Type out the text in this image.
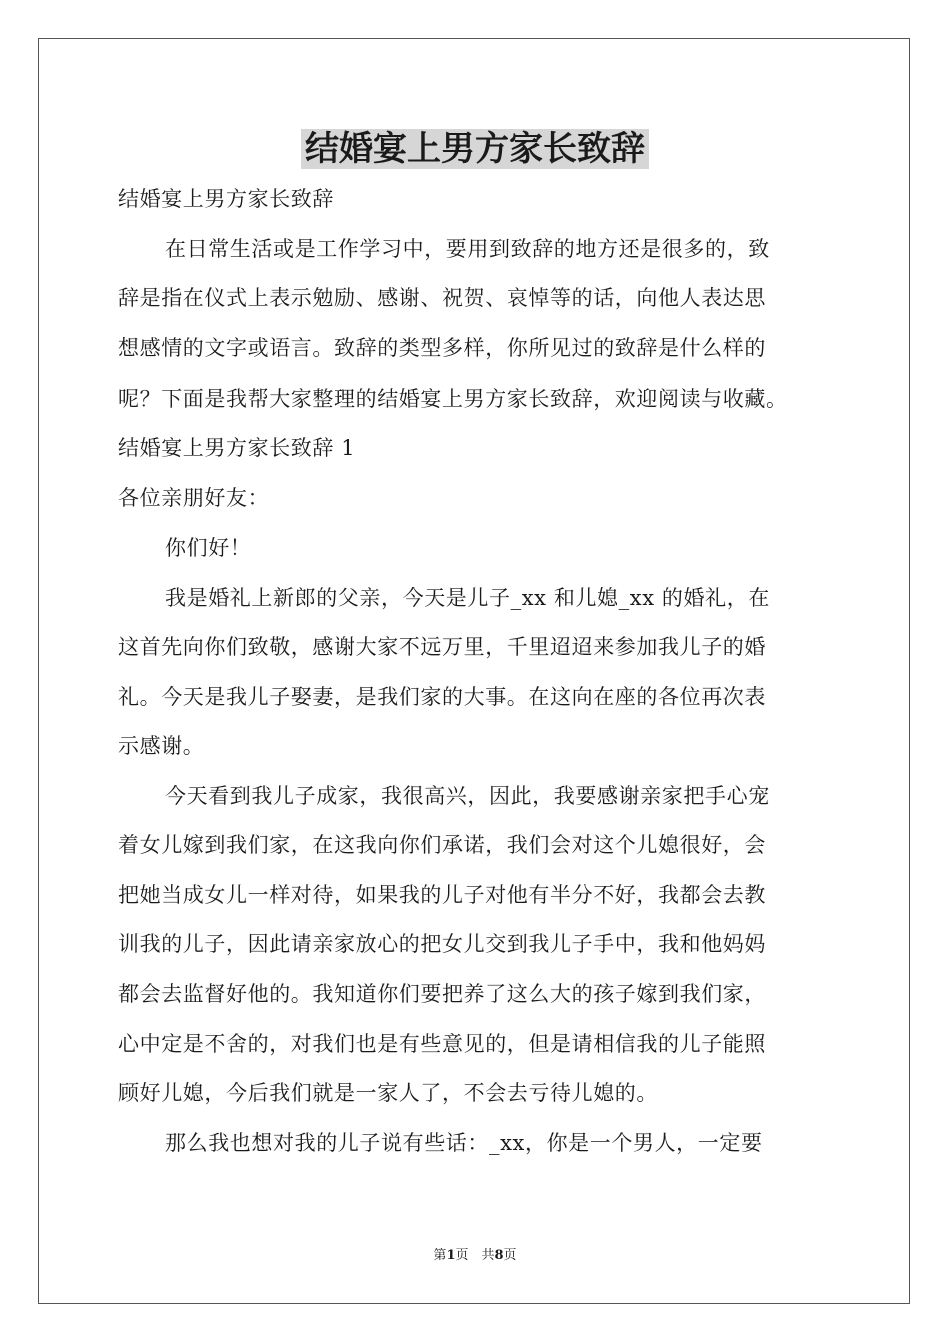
结婚宴上男方家长致辞
结婚宴上男方家长致辞
在日常生活或是工作学习中，要用到致辞的地方还是很多的，致
辞是指在仪式上表示勉励、感谢、祝贺、哀悼等的话，向他人表达思
想感情的文字或语言。致辞的类型多样，你所见过的致辞是什么样的
呢？下面是我帮大家整理的结婚宴上男方家长致辞，欢迎阅读与收藏。
结婚宴上男方家长致辞 1
各位亲朋好友：
你们好！
我是婚礼上新郎的父亲，今天是儿子_xx 和儿媳_xx 的婚礼，在
这首先向你们致敬，感谢大家不远万里，千里迢迢来参加我儿子的婚
礼。今天是我儿子娶妻，是我们家的大事。在这向在座的各位再次表
示感谢。
今天看到我儿子成家，我很高兴，因此，我要感谢亲家把手心宠
着女儿嫁到我们家，在这我向你们承诺，我们会对这个儿媳很好，会
把她当成女儿一样对待，如果我的儿子对他有半分不好，我都会去教
训我的儿子，因此请亲家放心的把女儿交到我儿子手中，我和他妈妈
都会去监督好他的。我知道你们要把养了这么大的孩子嫁到我们家，
心中定是不舍的，对我们也是有些意见的，但是请相信我的儿子能照
顾好儿媳，今后我们就是一家人了，不会去亏待儿媳的。
那么我也想对我的儿子说有些话：_xx，你是一个男人，一定要
第1页　共8页
